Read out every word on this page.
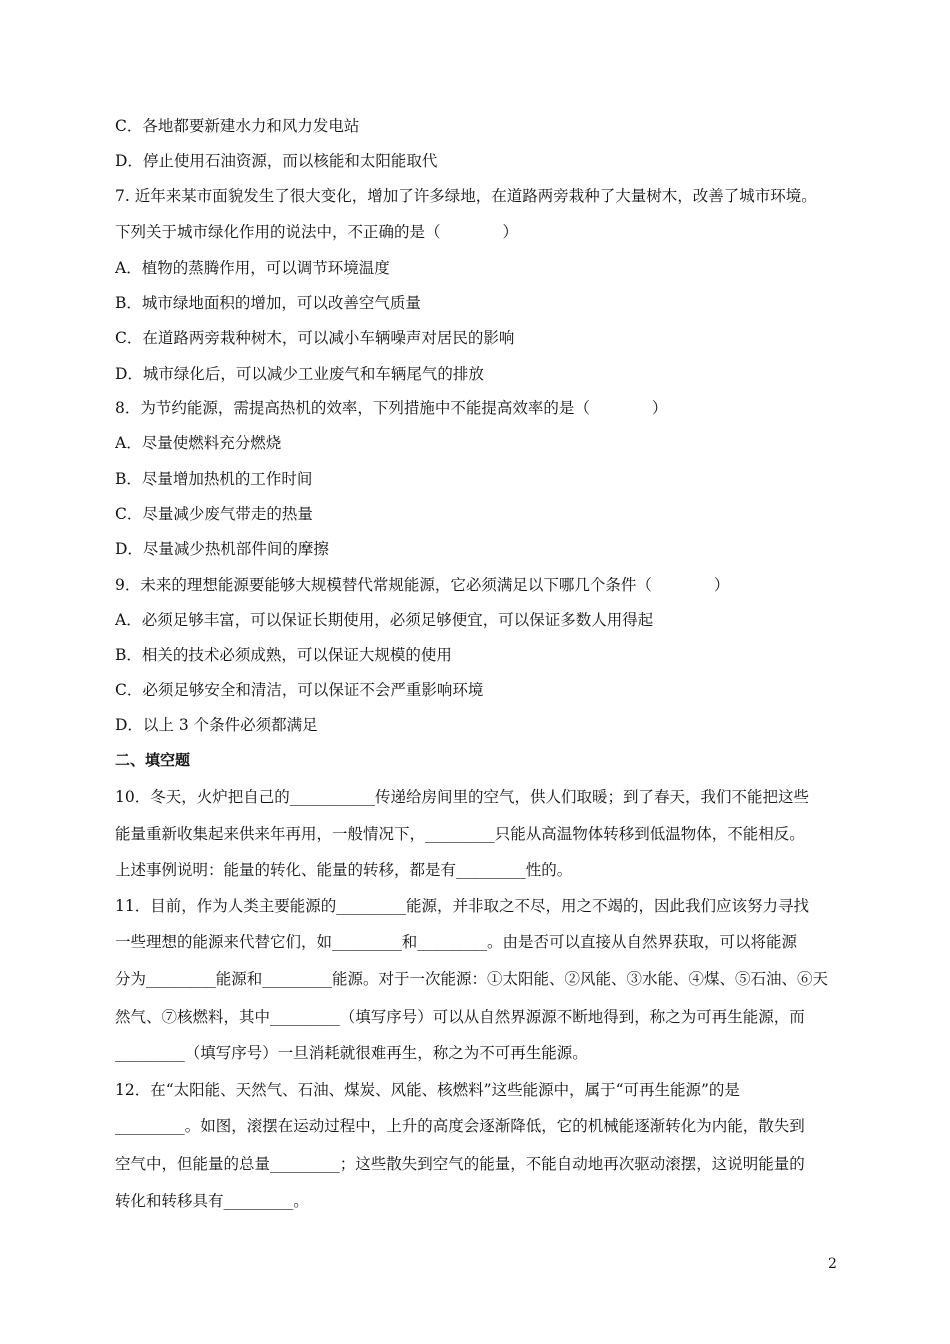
C．各地都要新建水力和风力发电站
D．停止使用石油资源，而以核能和太阳能取代
7. 近年来某市面貌发生了很大变化，增加了许多绿地，在道路两旁栽种了大量树木，改善了城市环境。
下列关于城市绿化作用的说法中，不正确的是（　　　　）
A．植物的蒸腾作用，可以调节环境温度
B．城市绿地面积的增加，可以改善空气质量
C．在道路两旁栽种树木，可以减小车辆噪声对居民的影响
D．城市绿化后，可以减少工业废气和车辆尾气的排放
8．为节约能源，需提高热机的效率，下列措施中不能提高效率的是（　　　　）
A．尽量使燃料充分燃烧
B．尽量增加热机的工作时间
C．尽量减少废气带走的热量
D．尽量减少热机部件间的摩擦
9．未来的理想能源要能够大规模替代常规能源，它必须满足以下哪几个条件（　　　　）
A．必须足够丰富，可以保证长期使用，必须足够便宜，可以保证多数人用得起
B．相关的技术必须成熟，可以保证大规模的使用
C．必须足够安全和清洁，可以保证不会严重影响环境
D．以上 3 个条件必须都满足
二、填空题
10．冬天，火炉把自己的___________传递给房间里的空气，供人们取暖；到了春天，我们不能把这些
能量重新收集起来供来年再用，一般情况下，_________只能从高温物体转移到低温物体，不能相反。
上述事例说明：能量的转化、能量的转移，都是有_________性的。
11．目前，作为人类主要能源的_________能源，并非取之不尽，用之不竭的，因此我们应该努力寻找
一些理想的能源来代替它们，如_________和_________。由是否可以直接从自然界获取，可以将能源
分为_________能源和_________能源。对于一次能源：①太阳能、②风能、③水能、④煤、⑤石油、⑥天
然气、⑦核燃料，其中_________（填写序号）可以从自然界源源不断地得到，称之为可再生能源，而
_________（填写序号）一旦消耗就很难再生，称之为不可再生能源。
12．在“太阳能、天然气、石油、煤炭、风能、核燃料”这些能源中，属于“可再生能源”的是
_________。如图，滚摆在运动过程中，上升的高度会逐渐降低，它的机械能逐渐转化为内能，散失到
空气中，但能量的总量_________；这些散失到空气的能量，不能自动地再次驱动滚摆，这说明能量的
转化和转移具有_________。
2
